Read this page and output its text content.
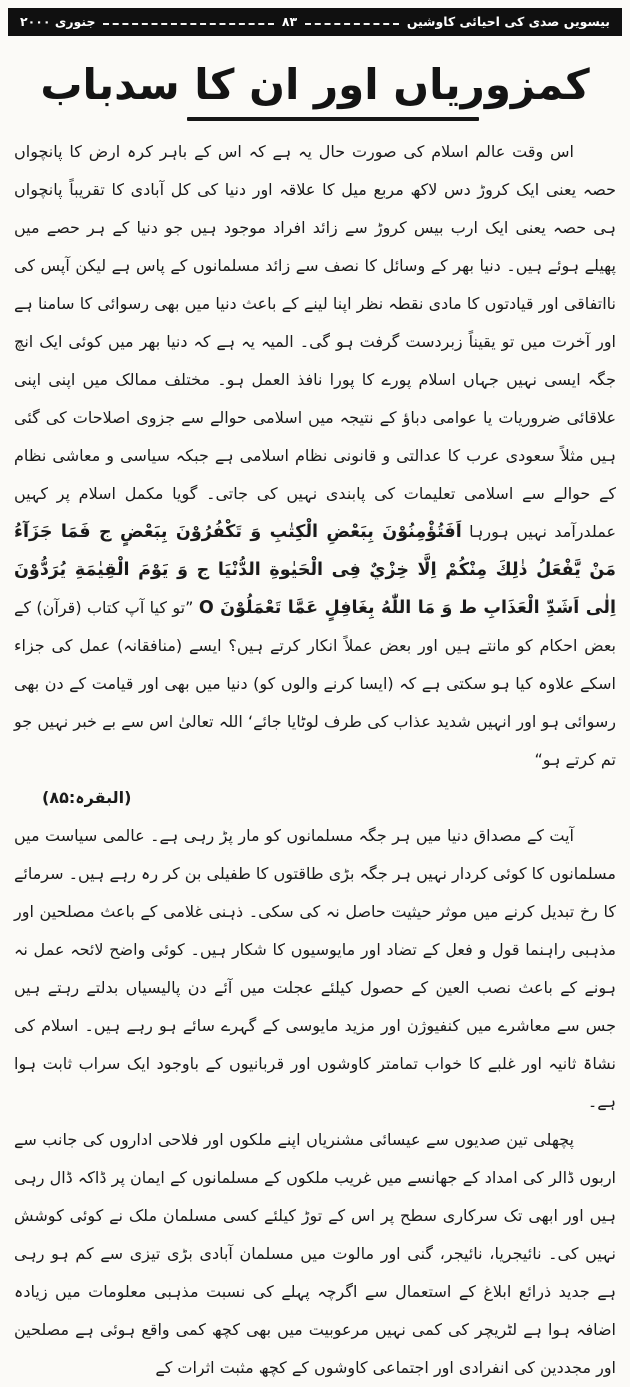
بیسویں صدی کی احیائی کاوشیں
۸۳
جنوری ۲۰۰۰
کمزوریاں اور ان کا سدباب

اس وقت عالم اسلام کی صورت حال یہ ہے کہ اس کے باہر کرہ ارض کا پانچواں حصہ یعنی ایک کروڑ دس لاکھ مربع میل کا علاقہ اور دنیا کی کل آبادی کا تقریباً پانچواں ہی حصہ یعنی ایک ارب بیس کروڑ سے زائد افراد موجود ہیں جو دنیا کے ہر حصے میں پھیلے ہوئے ہیں۔ دنیا بھر کے وسائل کا نصف سے زائد مسلمانوں کے پاس ہے لیکن آپس کی نااتفاقی اور قیادتوں کا مادی نقطہ نظر اپنا لینے کے باعث دنیا میں بھی رسوائی کا سامنا ہے اور آخرت میں تو یقیناً زبردست گرفت ہو گی۔ المیہ یہ ہے کہ دنیا بھر میں کوئی ایک انچ جگہ ایسی نہیں جہاں اسلام پورے کا پورا نافذ العمل ہو۔ مختلف ممالک میں اپنی اپنی علاقائی ضروریات یا عوامی دباؤ کے نتیجہ میں اسلامی حوالے سے جزوی اصلاحات کی گئی ہیں مثلاً سعودی عرب کا عدالتی و قانونی نظام اسلامی ہے جبکہ سیاسی و معاشی نظام کے حوالے سے اسلامی تعلیمات کی پابندی نہیں کی جاتی۔ گویا مکمل اسلام پر کہیں عملدرآمد نہیں ہورہا اَفَتُؤْمِنُوْنَ بِبَعْضِ الْكِتٰبِ وَ تَكْفُرُوْنَ بِبَعْضٍ ج فَمَا جَزَآءُ مَنْ يَّفْعَلُ ذٰلِكَ مِنْكُمْ اِلَّا خِزْيٌ فِى الْحَيٰوةِ الدُّنْيَا ج وَ يَوْمَ الْقِيٰمَةِ يُرَدُّوْنَ اِلٰى اَشَدِّ الْعَذَابِ ط وَ مَا اللّٰهُ بِغَافِلٍ عَمَّا تَعْمَلُوْنَ O ”تو کیا آپ کتاب (قرآن) کے بعض احکام کو مانتے ہیں اور بعض عملاً انکار کرتے ہیں؟ ایسے (منافقانہ) عمل کی جزاء اسکے علاوہ کیا ہو سکتی ہے کہ (ایسا کرنے والوں کو) دنیا میں بھی اور قیامت کے دن بھی رسوائی ہو اور انہیں شدید عذاب کی طرف لوٹایا جائے‘ اللہ تعالیٰ اس سے بے خبر نہیں جو تم کرتے ہو“

(البقرہ:۸۵)

آیت کے مصداق دنیا میں ہر جگہ مسلمانوں کو مار پڑ رہی ہے۔ عالمی سیاست میں مسلمانوں کا کوئی کردار نہیں ہر جگہ بڑی طاقتوں کا طفیلی بن کر رہ رہے ہیں۔ سرمائے کا رخ تبدیل کرنے میں موثر حیثیت حاصل نہ کی سکی۔ ذہنی غلامی کے باعث مصلحین اور مذہبی راہنما قول و فعل کے تضاد اور مایوسیوں کا شکار ہیں۔ کوئی واضح لائحہ عمل نہ ہونے کے باعث نصب العین کے حصول کیلئے عجلت میں آئے دن پالیسیاں بدلتے رہتے ہیں جس سے معاشرے میں کنفیوژن اور مزید مایوسی کے گہرے سائے ہو رہے ہیں۔ اسلام کی نشاۃ ثانیہ اور غلبے کا خواب تمامتر کاوشوں اور قربانیوں کے باوجود ایک سراب ثابت ہوا ہے۔

پچھلی تین صدیوں سے عیسائی مشنریاں اپنے ملکوں اور فلاحی اداروں کی جانب سے اربوں ڈالر کی امداد کے جھانسے میں غریب ملکوں کے مسلمانوں کے ایمان پر ڈاکہ ڈال رہی ہیں اور ابھی تک سرکاری سطح پر اس کے توڑ کیلئے کسی مسلمان ملک نے کوئی کوشش نہیں کی۔ نائیجریا، نائیجر، گنی اور مالوت میں مسلمان آبادی بڑی تیزی سے کم ہو رہی ہے جدید ذرائع ابلاغ کے استعمال سے اگرچہ پہلے کی نسبت مذہبی معلومات میں زیادہ اضافہ ہوا ہے لٹریچر کی کمی نہیں مرعوبیت میں بھی کچھ کمی واقع ہوئی ہے مصلحین اور مجددین کی انفرادی اور اجتماعی کاوشوں کے کچھ مثبت اثرات کے
